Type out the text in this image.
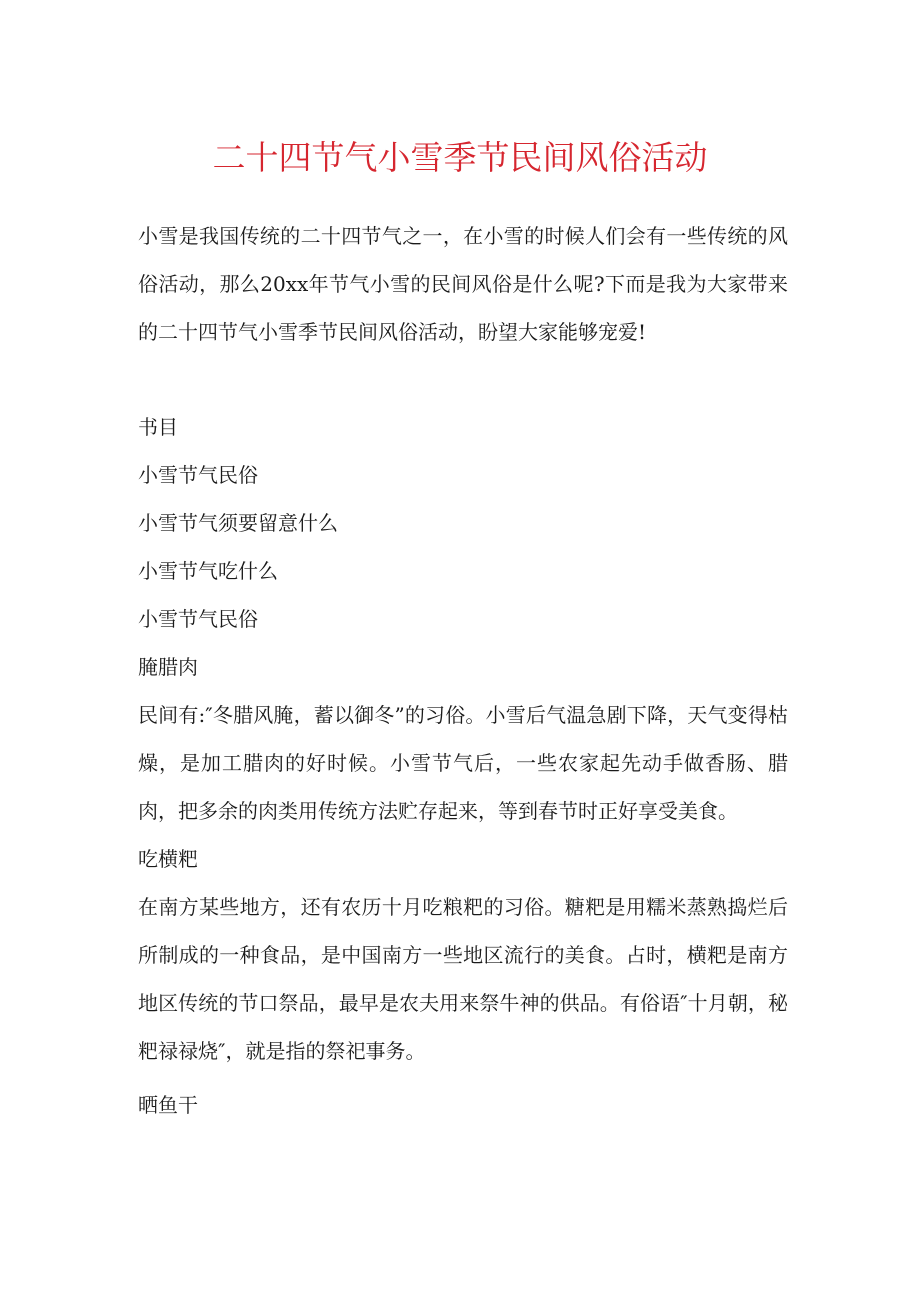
二十四节气小雪季节民间风俗活动

小雪是我国传统的二十四节气之一，在小雪的时候人们会有一些传统的风俗活动，那么20xx年节气小雪的民间风俗是什么呢?下而是我为大家带来的二十四节气小雪季节民间风俗活动，盼望大家能够宠爱!

书目
小雪节气民俗
小雪节气须要留意什么
小雪节气吃什么
小雪节气民俗
腌腊肉

民间有:″冬腊风腌，蓄以御冬”的习俗。小雪后气温急剧下降，天气变得枯燥，是加工腊肉的好时候。小雪节气后，一些农家起先动手做香肠、腊肉，把多余的肉类用传统方法贮存起来，等到春节时正好享受美食。

吃横粑

在南方某些地方，还有农历十月吃粮粑的习俗。糖粑是用糯米蒸熟捣烂后所制成的一种食品，是中国南方一些地区流行的美食。占时，横粑是南方地区传统的节口祭品，最早是农夫用来祭牛神的供品。有俗语″十月朝，秘粑禄禄烧″，就是指的祭祀事务。

晒鱼干
